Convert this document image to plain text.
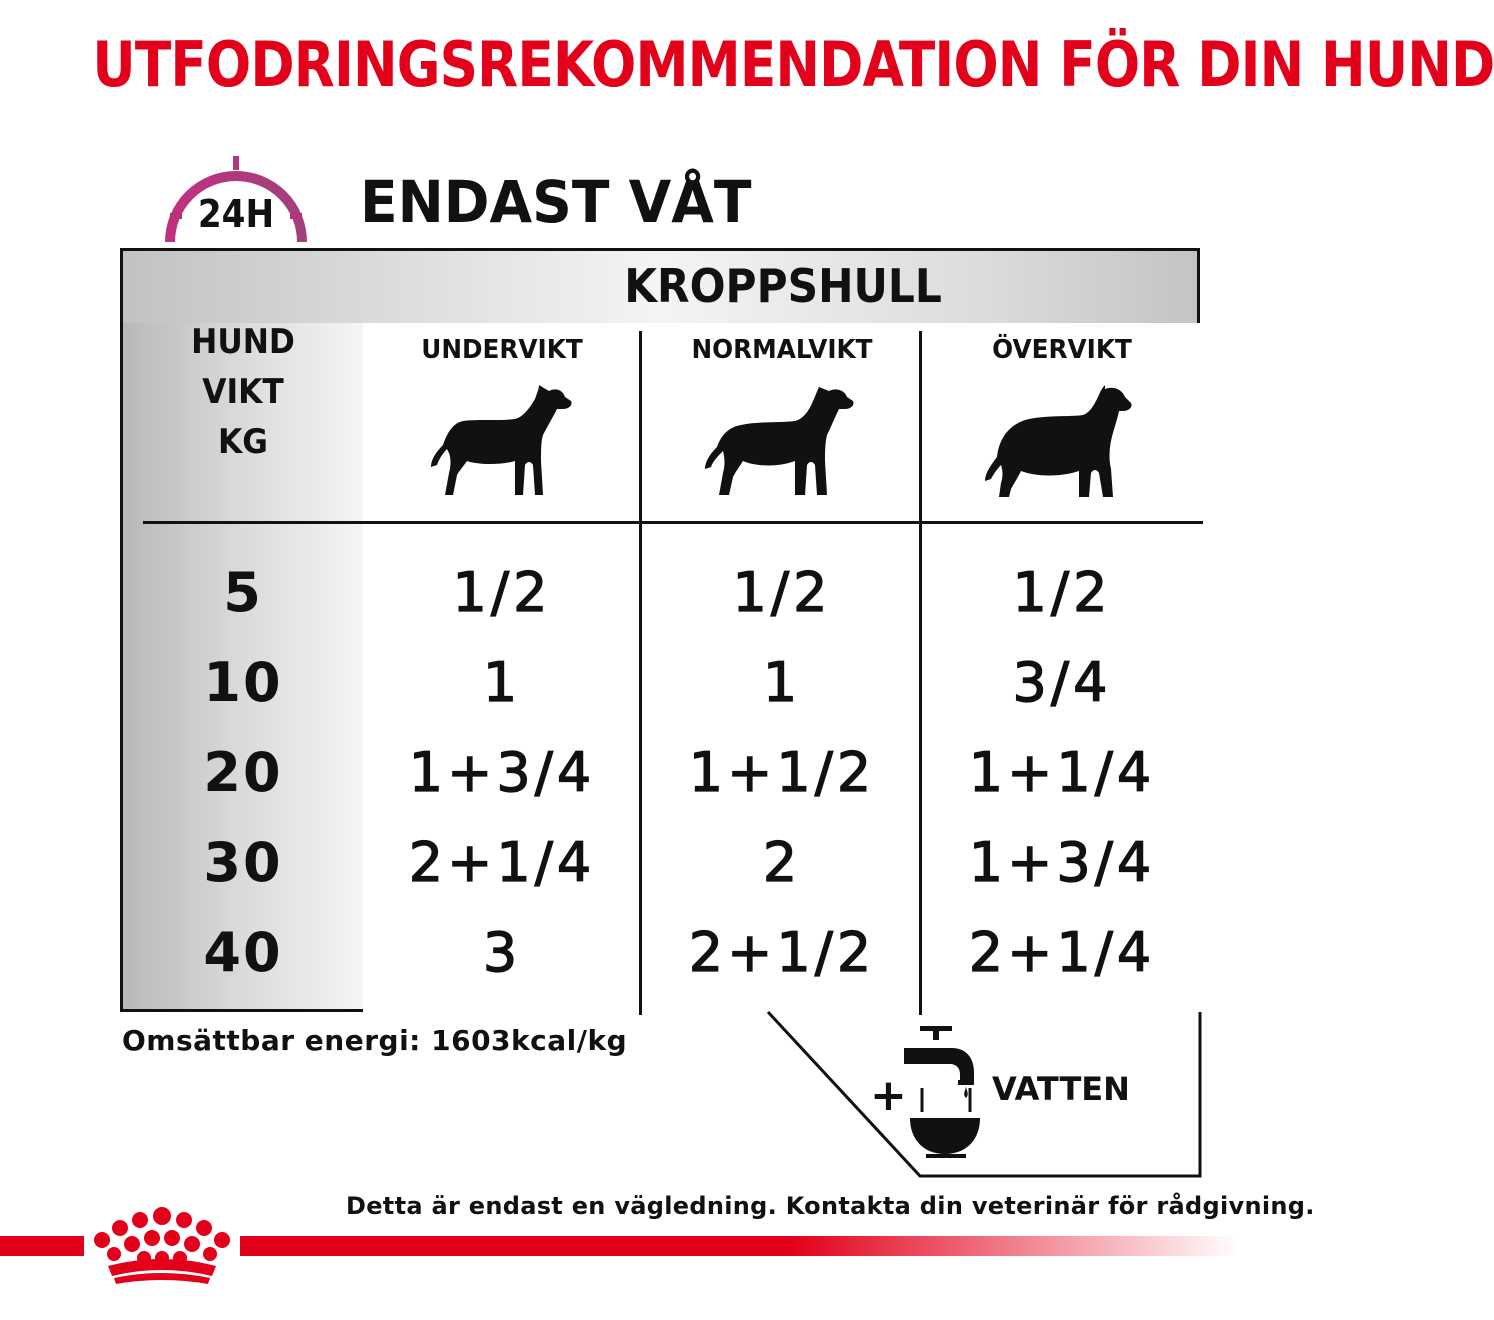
UTFODRINGSREKOMMENDATION FÖR DIN HUND
24H ENDAST VÅT
KROPPSHULL
HUND
VIKT
KG
UNDERVIKT	NORMALVIKT	ÖVERVIKT
5	1/2	1/2	1/2
10	1	1	3/4
20	1+3/4	1+1/2	1+1/4
30	2+1/4	2	1+3/4
40	3	2+1/2	2+1/4
Omsättbar energi: 1603kcal/kg
+	VATTEN
Detta är endast en vägledning. Kontakta din veterinär för rådgivning.
